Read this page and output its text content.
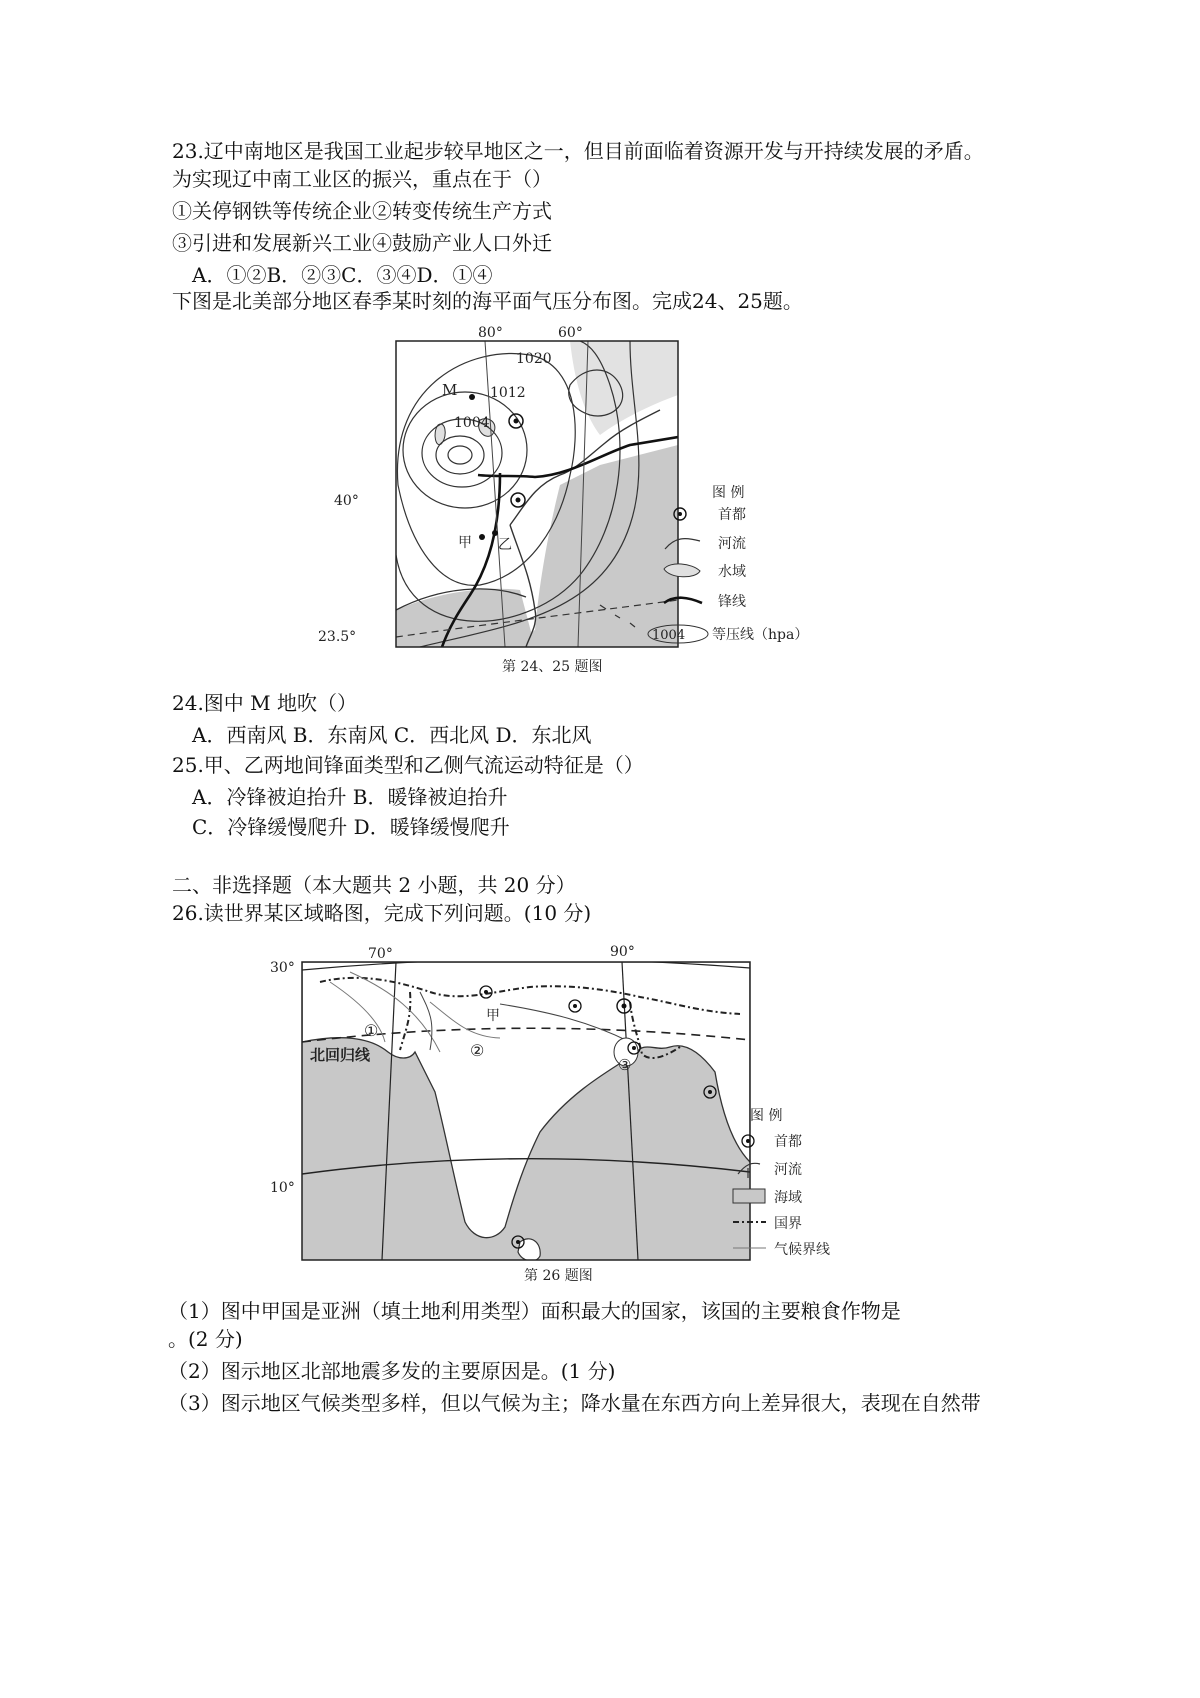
23.辽中南地区是我国工业起步较早地区之一，但目前面临着资源开发与开持续发展的矛盾。
为实现辽中南工业区的振兴，重点在于（）
①关停钢铁等传统企业②转变传统生产方式
③引进和发展新兴工业④鼓励产业人口外迁
A．①②B．②③C．③④D．①④
下图是北美部分地区春季某时刻的海平面气压分布图。完成24、25题。
80°	60°
40°
23.5°
1020
1012
1004
M
甲 乙
图 例
首都
河流
水域
锋线
1004 等压线（hpa）
第 24、25 题图
24.图中 M 地吹（）
A．西南风 B．东南风 C．西北风 D．东北风
25.甲、乙两地间锋面类型和乙侧气流运动特征是（）
A．冷锋被迫抬升 B．暖锋被迫抬升
C．冷锋缓慢爬升 D．暖锋缓慢爬升
二、非选择题（本大题共 2 小题，共 20 分）
26.读世界某区域略图，完成下列问题。(10 分)
甲
①
②
③
北回归线
70°	90°
30°
10°
图 例
首都
河流
海域
国界
气候界线
第 26 题图
（1）图中甲国是亚洲（填土地利用类型）面积最大的国家，该国的主要粮食作物是
。(2 分)
（2）图示地区北部地震多发的主要原因是。(1 分)
（3）图示地区气候类型多样，但以气候为主；降水量在东西方向上差异很大，表现在自然带
